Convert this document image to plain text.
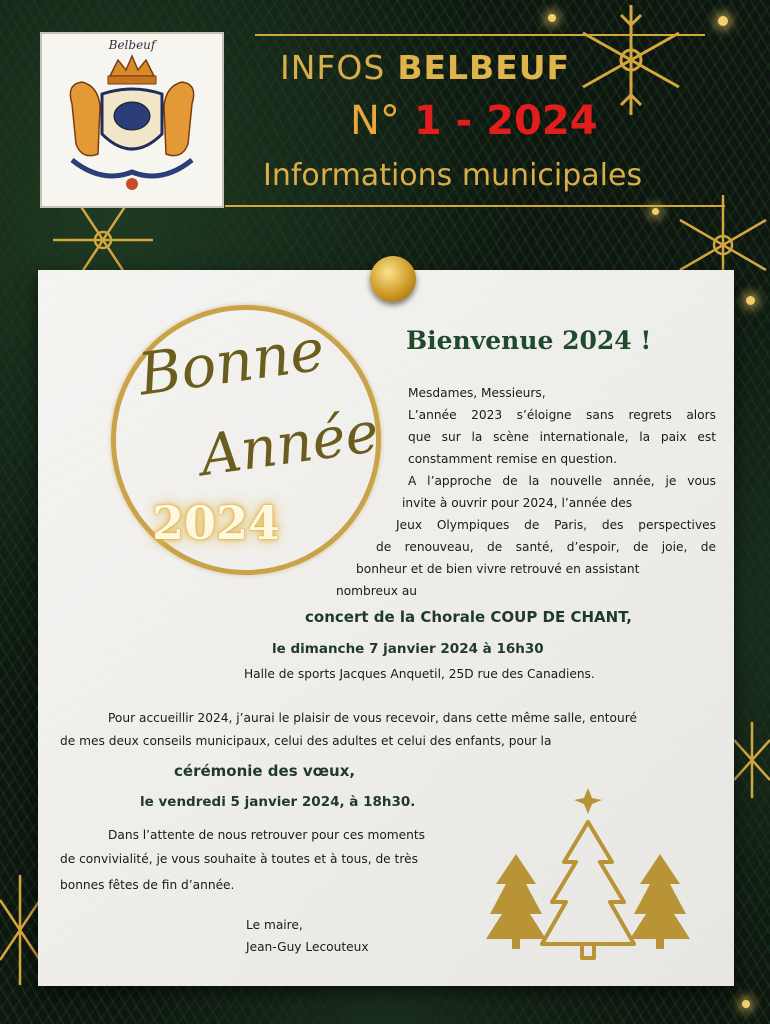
Belbeuf
INFOS BELBEUF
N° 1 - 2024
Informations municipales
Bonne
Année
2024
Bienvenue 2024 !
Mesdames, Messieurs,
L’année 2023 s’éloigne sans regrets alors
que sur la scène internationale, la paix est
constamment remise en question.
A l’approche de la nouvelle année, je vous
invite à ouvrir pour 2024, l’année des
Jeux Olympiques de Paris, des perspectives
de renouveau, de santé, d’espoir, de joie, de
bonheur et de bien vivre retrouvé en assistant
nombreux au
concert de la Chorale COUP DE CHANT,
le dimanche 7 janvier 2024 à 16h30
Halle de sports Jacques Anquetil, 25D rue des Canadiens.
Pour accueillir 2024, j’aurai le plaisir de vous recevoir, dans cette même salle, entouré
de mes deux conseils municipaux, celui des adultes et celui des enfants, pour la
cérémonie des vœux,
le vendredi 5 janvier 2024, à 18h30.
Dans l’attente de nous retrouver pour ces moments
de convivialité, je vous souhaite à toutes et à tous, de très
bonnes fêtes de fin d’année.
Le maire,
Jean-Guy Lecouteux
